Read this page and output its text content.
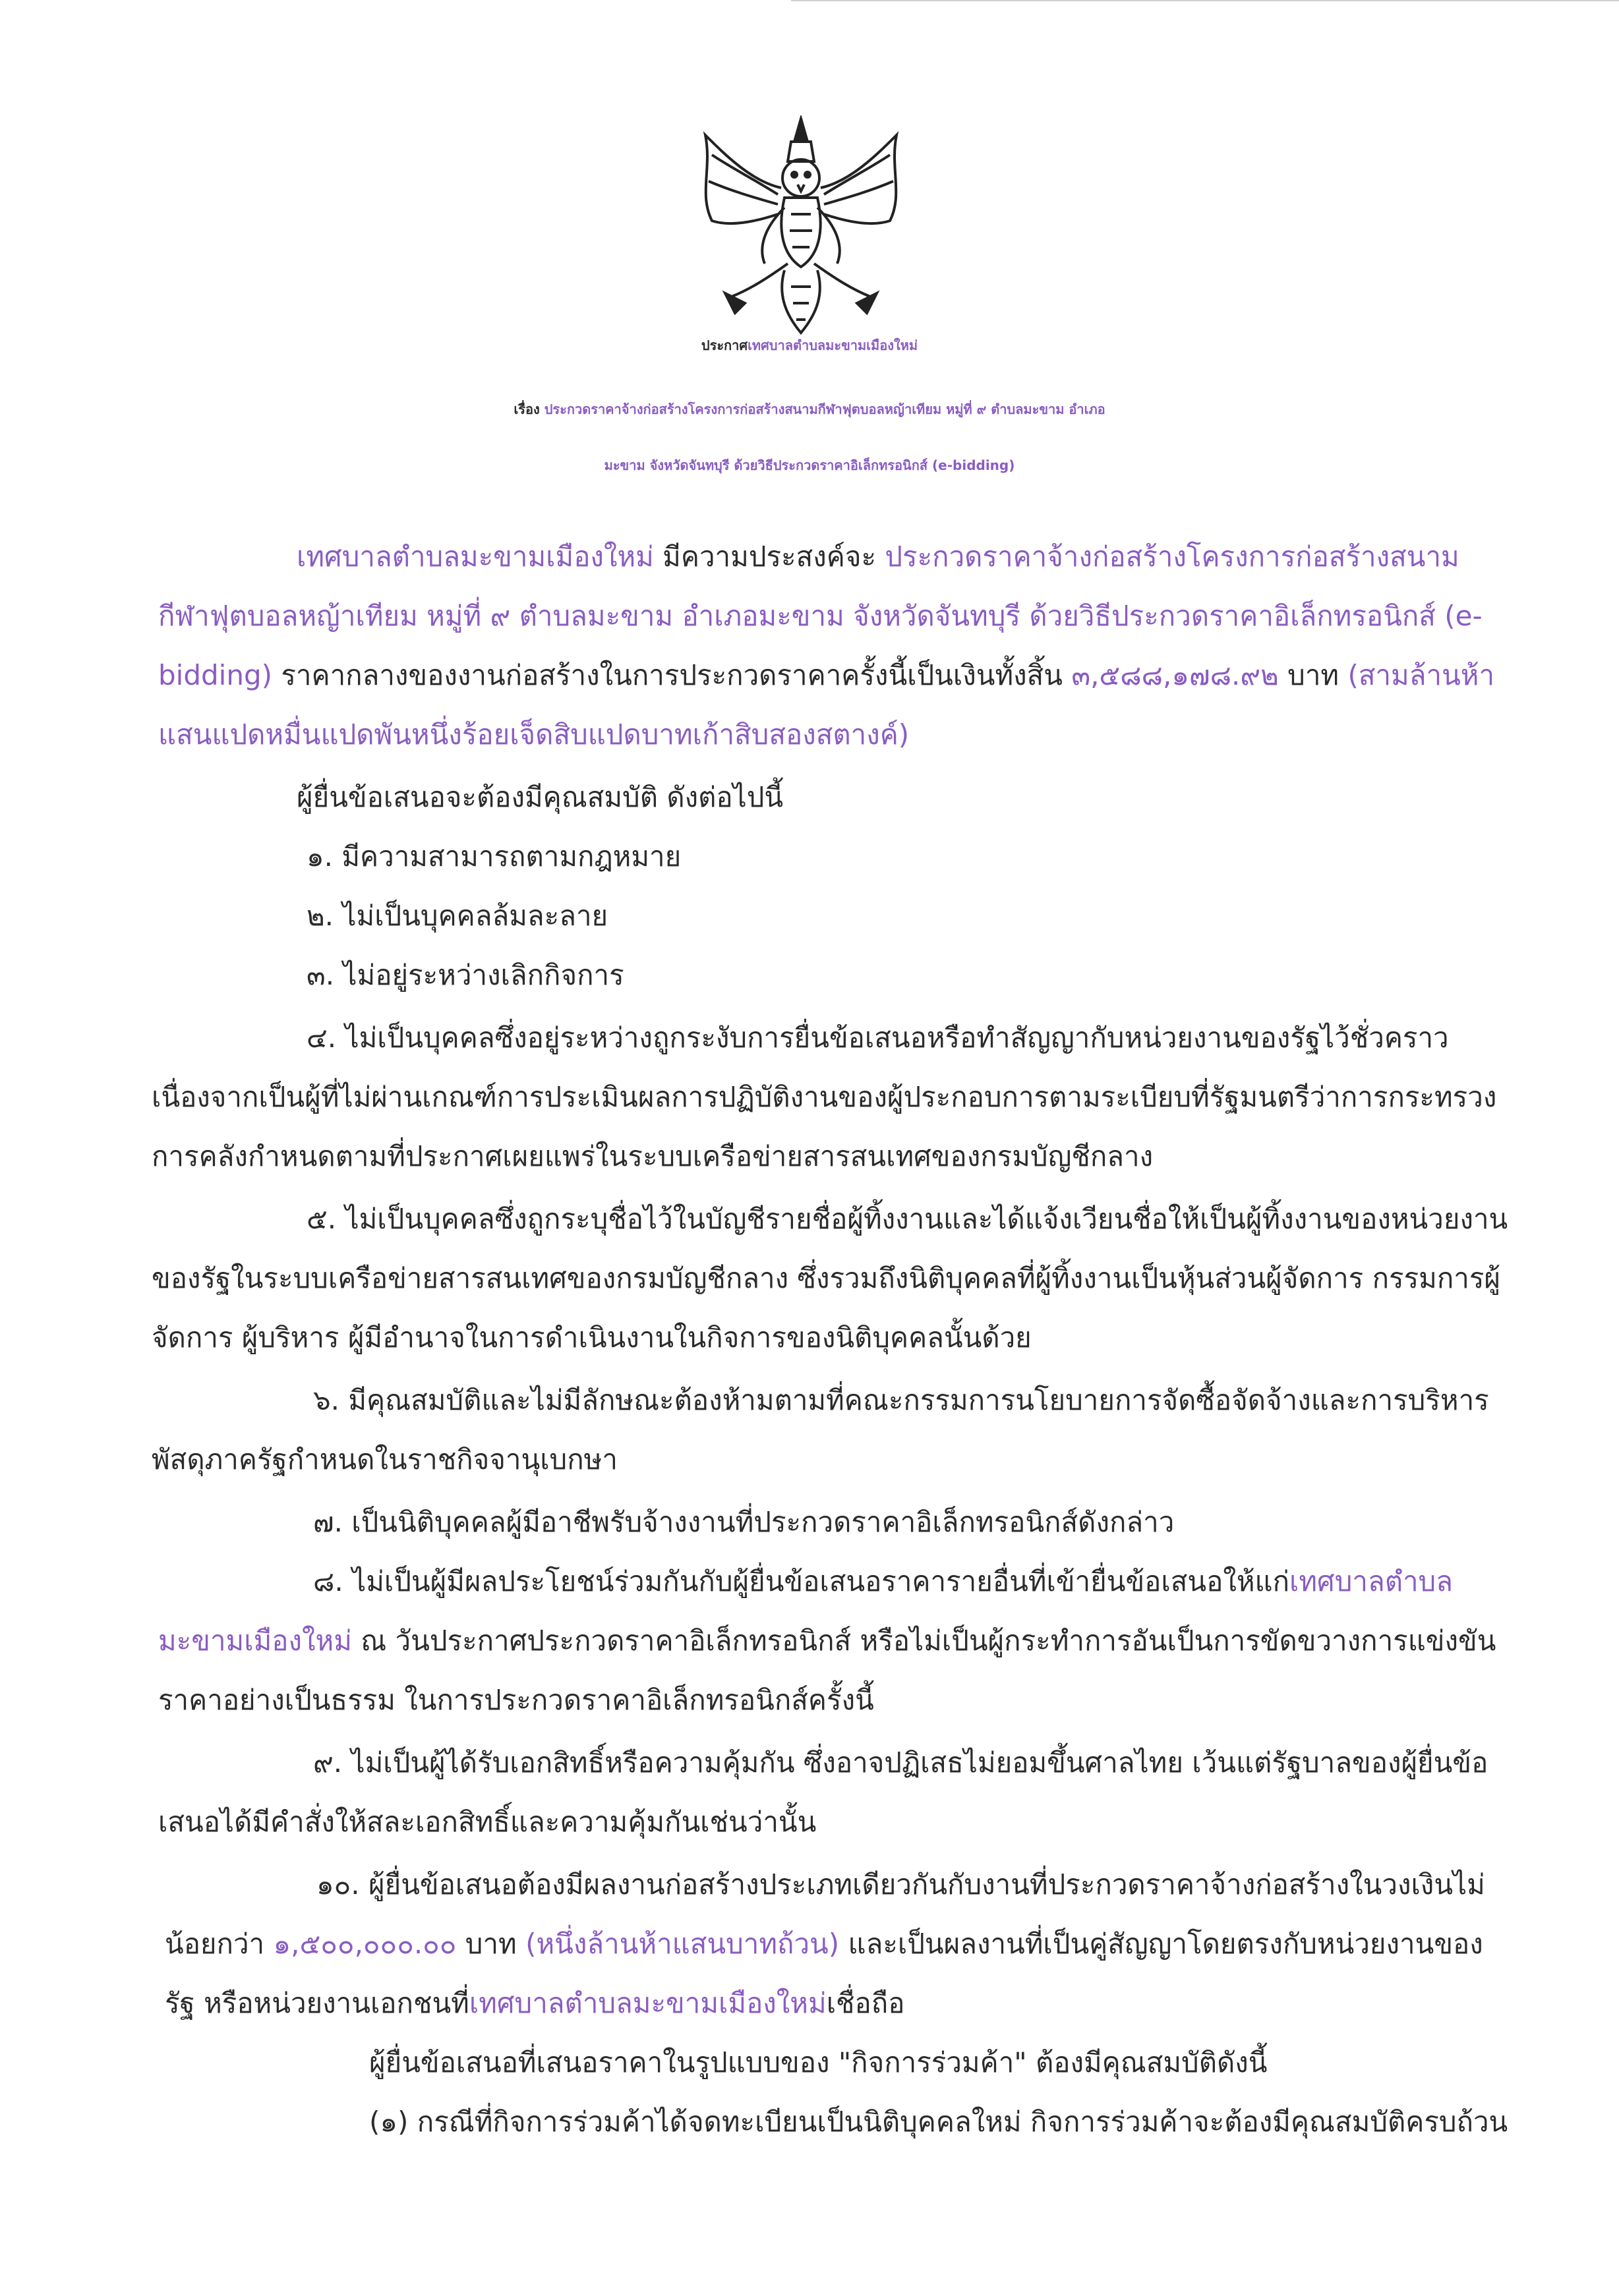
ประกาศเทศบาลตำบลมะขามเมืองใหม่
เรื่อง ประกวดราคาจ้างก่อสร้างโครงการก่อสร้างสนามกีฬาฟุตบอลหญ้าเทียม หมู่ที่ ๙ ตำบลมะขาม อำเภอ
มะขาม จังหวัดจันทบุรี ด้วยวิธีประกวดราคาอิเล็กทรอนิกส์ (e-bidding)
เทศบาลตำบลมะขามเมืองใหม่ มีความประสงค์จะ ประกวดราคาจ้างก่อสร้างโครงการก่อสร้างสนาม
กีฬาฟุตบอลหญ้าเทียม หมู่ที่ ๙ ตำบลมะขาม อำเภอมะขาม จังหวัดจันทบุรี ด้วยวิธีประกวดราคาอิเล็กทรอนิกส์ (e-
bidding) ราคากลางของงานก่อสร้างในการประกวดราคาครั้งนี้เป็นเงินทั้งสิ้น ๓,๕๘๘,๑๗๘.๙๒ บาท (สามล้านห้า
แสนแปดหมื่นแปดพันหนึ่งร้อยเจ็ดสิบแปดบาทเก้าสิบสองสตางค์)
ผู้ยื่นข้อเสนอจะต้องมีคุณสมบัติ ดังต่อไปนี้
๑. มีความสามารถตามกฎหมาย
๒. ไม่เป็นบุคคลล้มละลาย
๓. ไม่อยู่ระหว่างเลิกกิจการ
๔. ไม่เป็นบุคคลซึ่งอยู่ระหว่างถูกระงับการยื่นข้อเสนอหรือทำสัญญากับหน่วยงานของรัฐไว้ชั่วคราว
เนื่องจากเป็นผู้ที่ไม่ผ่านเกณฑ์การประเมินผลการปฏิบัติงานของผู้ประกอบการตามระเบียบที่รัฐมนตรีว่าการกระทรวง
การคลังกำหนดตามที่ประกาศเผยแพร่ในระบบเครือข่ายสารสนเทศของกรมบัญชีกลาง
๕. ไม่เป็นบุคคลซึ่งถูกระบุชื่อไว้ในบัญชีรายชื่อผู้ทิ้งงานและได้แจ้งเวียนชื่อให้เป็นผู้ทิ้งงานของหน่วยงาน
ของรัฐในระบบเครือข่ายสารสนเทศของกรมบัญชีกลาง ซึ่งรวมถึงนิติบุคคลที่ผู้ทิ้งงานเป็นหุ้นส่วนผู้จัดการ กรรมการผู้
จัดการ ผู้บริหาร ผู้มีอำนาจในการดำเนินงานในกิจการของนิติบุคคลนั้นด้วย
๖. มีคุณสมบัติและไม่มีลักษณะต้องห้ามตามที่คณะกรรมการนโยบายการจัดซื้อจัดจ้างและการบริหาร
พัสดุภาครัฐกำหนดในราชกิจจานุเบกษา
๗. เป็นนิติบุคคลผู้มีอาชีพรับจ้างงานที่ประกวดราคาอิเล็กทรอนิกส์ดังกล่าว
๘. ไม่เป็นผู้มีผลประโยชน์ร่วมกันกับผู้ยื่นข้อเสนอราคารายอื่นที่เข้ายื่นข้อเสนอให้แก่เทศบาลตำบล
มะขามเมืองใหม่ ณ วันประกาศประกวดราคาอิเล็กทรอนิกส์ หรือไม่เป็นผู้กระทำการอันเป็นการขัดขวางการแข่งขัน
ราคาอย่างเป็นธรรม ในการประกวดราคาอิเล็กทรอนิกส์ครั้งนี้
๙. ไม่เป็นผู้ได้รับเอกสิทธิ์หรือความคุ้มกัน ซึ่งอาจปฏิเสธไม่ยอมขึ้นศาลไทย เว้นแต่รัฐบาลของผู้ยื่นข้อ
เสนอได้มีคำสั่งให้สละเอกสิทธิ์และความคุ้มกันเช่นว่านั้น
๑๐. ผู้ยื่นข้อเสนอต้องมีผลงานก่อสร้างประเภทเดียวกันกับงานที่ประกวดราคาจ้างก่อสร้างในวงเงินไม่
น้อยกว่า ๑,๕๐๐,๐๐๐.๐๐ บาท (หนึ่งล้านห้าแสนบาทถ้วน) และเป็นผลงานที่เป็นคู่สัญญาโดยตรงกับหน่วยงานของ
รัฐ หรือหน่วยงานเอกชนที่เทศบาลตำบลมะขามเมืองใหม่เชื่อถือ
ผู้ยื่นข้อเสนอที่เสนอราคาในรูปแบบของ "กิจการร่วมค้า" ต้องมีคุณสมบัติดังนี้
(๑) กรณีที่กิจการร่วมค้าได้จดทะเบียนเป็นนิติบุคคลใหม่ กิจการร่วมค้าจะต้องมีคุณสมบัติครบถ้วน
